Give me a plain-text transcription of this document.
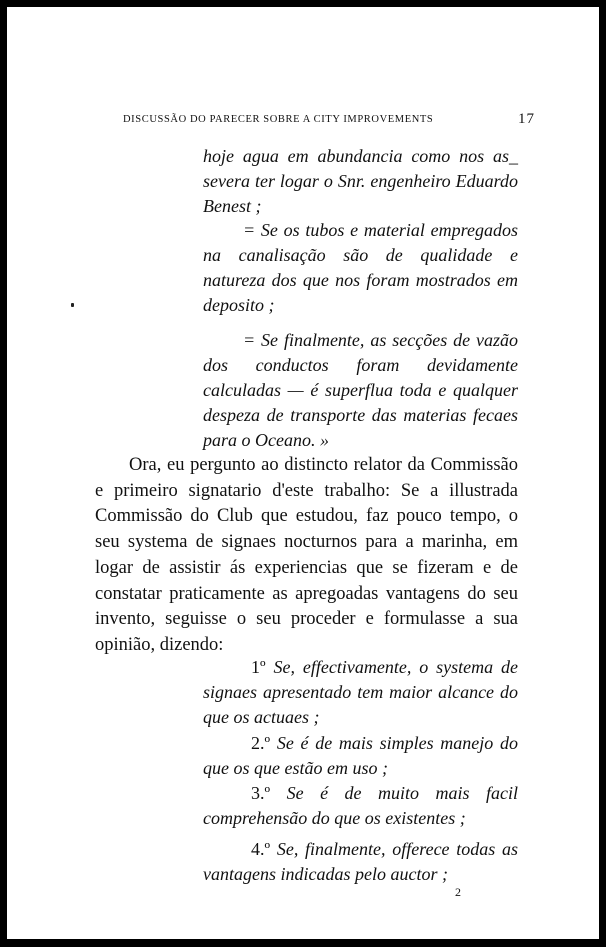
DISCUSSÃO DO PARECER SOBRE A CITY IMPROVEMENTS	17

hoje agua em abundancia como nos as_ severa ter logar o Snr. engenheiro Eduardo Benest ;

= Se os tubos e material empregados na canalisação são de qualidade e natureza dos que nos foram mostrados em deposito ;

= Se finalmente, as secções de vazão dos conductos foram devidamente calculadas — é superflua toda e qualquer despeza de transporte das materias fecaes para o Oceano. »

Ora, eu pergunto ao distincto relator da Commissão e primeiro signatario d'este trabalho: Se a illustrada Commissão do Club que estudou, faz pouco tempo, o seu systema de signaes nocturnos para a marinha, em logar de assistir ás experiencias que se fizeram e de constatar praticamente as apregoadas vantagens do seu invento, seguisse o seu proceder e formulasse a sua opinião, dizendo:

1º Se, effectivamente, o systema de signaes apresentado tem maior alcance do que os actuaes ;

2.º Se é de mais simples manejo do que os que estão em uso ;

3.º Se é de muito mais facil comprehensão do que os existentes ;

4.º Se, finalmente, offerece todas as vantagens indicadas pelo auctor ;

2
